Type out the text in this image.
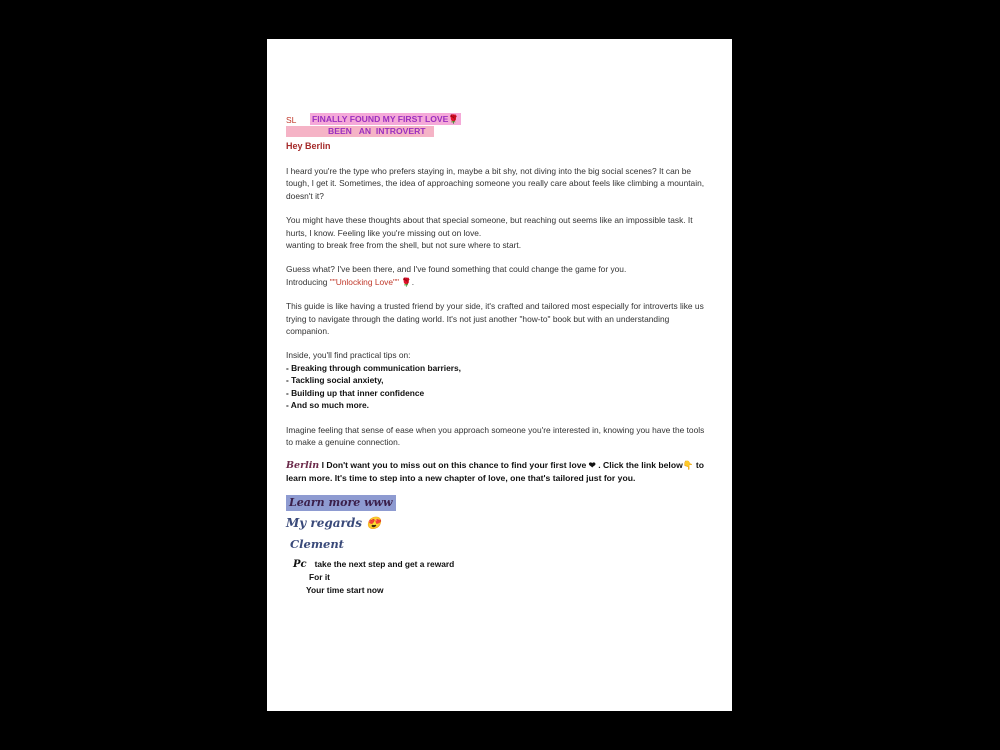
SL FINALLY FOUND MY FIRST LOVE🌹
BEEN   AN  INTROVERT
Hey Berlin

I heard you're the type who prefers staying in, maybe a bit shy, not diving into the big social scenes? It can be tough, I get it. Sometimes, the idea of approaching someone you really care about feels like climbing a mountain, doesn't it?

You might have these thoughts about that special someone, but reaching out seems like an impossible task. It hurts, I know. Feeling like you're missing out on love.

wanting to break free from the shell, but not sure where to start.

Guess what? I've been there, and I've found something that could change the game for you.

Introducing ""Unlocking Love"" 🌹.

This guide is like having a trusted friend by your side, it's crafted and tailored most especially for introverts like us trying to navigate through the dating world. It's not just another "how-to" book but with an understanding companion.

Inside, you'll find practical tips on:

- Breaking through communication barriers,

- Tackling social anxiety,

- Building up that inner confidence

- And so much more.

Imagine feeling that sense of ease when you approach someone you're interested in, knowing you have the tools to make a genuine connection.

Berlin I Don't want you to miss out on this chance to find your first love ❤ . Click the link below👇 to learn more. It's time to step into a new chapter of love, one that's tailored just for you.

Learn more www
My regards 😍
Clement
Pc take the next step and get a reward
For it
Your time start now
